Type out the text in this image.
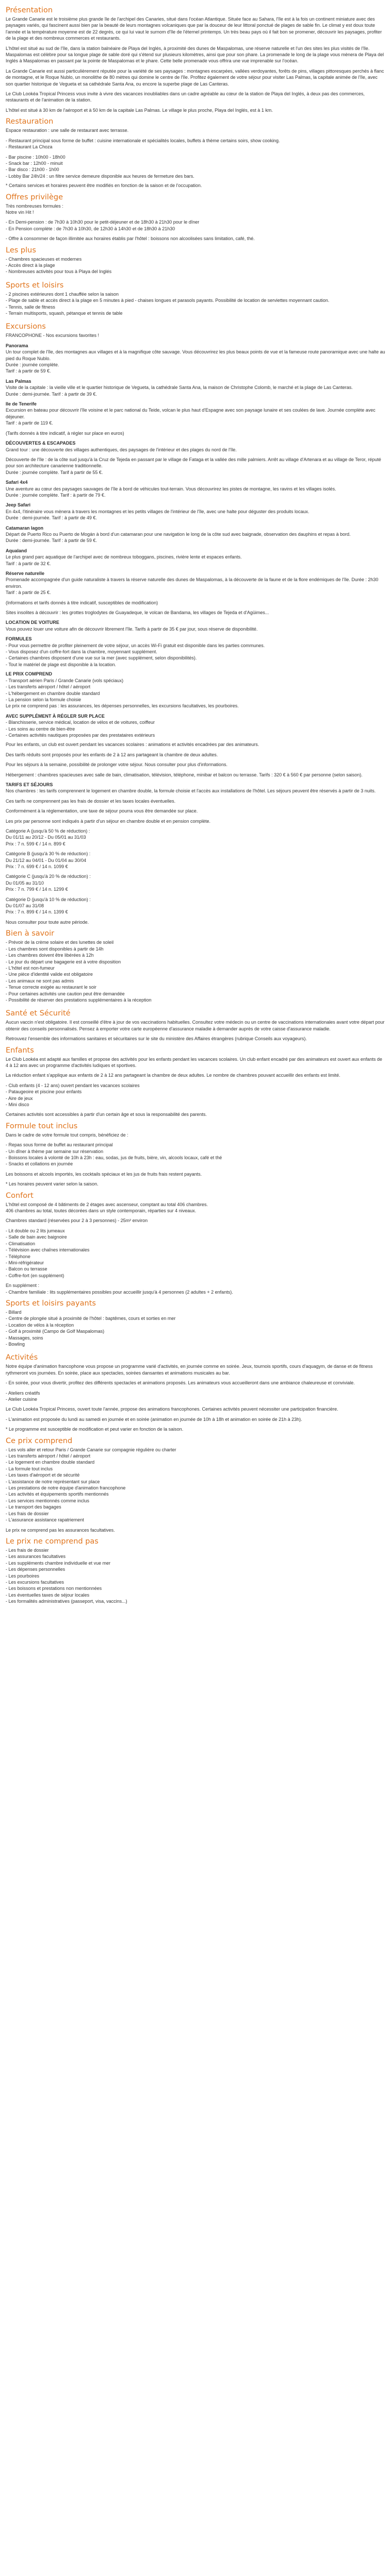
Présentation

Le Grande Canarie est le troisième plus grande île de l'archipel des Canaries, situé dans l'océan Atlantique. Située face au Sahara, l'île est à la fois un continent miniature avec des paysages variés, qui fascinent aussi bien par la beauté de leurs montagnes volcaniques que par la douceur de leur littoral ponctué de plages de sable fin. Le climat y est doux toute l'année et la température moyenne est de 22 degrés, ce qui lui vaut le surnom d'île de l'éternel printemps. Un très beau pays où il fait bon se promener, découvrir les paysages, profiter de la plage et des nombreux commerces et restaurants.

L'hôtel est situé au sud de l'île, dans la station balnéaire de Playa del Inglés, à proximité des dunes de Maspalomas, une réserve naturelle et l'un des sites les plus visités de l'île. Maspalomas est célèbre pour sa longue plage de sable doré qui s'étend sur plusieurs kilomètres, ainsi que pour son phare. La promenade le long de la plage vous mènera de Playa del Inglés à Maspalomas en passant par la pointe de Maspalomas et le phare. Cette belle promenade vous offrira une vue imprenable sur l'océan.

La Grande Canarie est aussi particulièrement réputée pour la variété de ses paysages : montagnes escarpées, vallées verdoyantes, forêts de pins, villages pittoresques perchés à flanc de montagne, et le Roque Nublo, un monolithe de 80 mètres qui domine le centre de l'île. Profitez également de votre séjour pour visiter Las Palmas, la capitale animée de l'île, avec son quartier historique de Vegueta et sa cathédrale Santa Ana, ou encore la superbe plage de Las Canteras.

Le Club Lookéa Tropical Princess vous invite à vivre des vacances inoubliables dans un cadre agréable au cœur de la station de Playa del Inglés, à deux pas des commerces, restaurants et de l'animation de la station.

L'hôtel est situé à 30 km de l'aéroport et à 50 km de la capitale Las Palmas. Le village le plus proche, Playa del Inglés, est à 1 km.

Restauration

Espace restauration : une salle de restaurant avec terrasse.

- Restaurant principal sous forme de buffet : cuisine internationale et spécialités locales, buffets à thème certains soirs, show cooking.

- Restaurant La Choza

- Bar piscine : 10h00 - 18h00

- Snack bar : 12h00 - minuit

- Bar disco : 21h00 - 1h00

- Lobby Bar 24h/24 : un filtre service demeure disponible aux heures de fermeture des bars.

* Certains services et horaires peuvent être modifiés en fonction de la saison et de l'occupation.

Offres privilège

Très nombreuses formules :

Notre vin Hit !

- En Demi-pension : de 7h30 à 10h30 pour le petit-déjeuner et de 18h30 à 21h30 pour le dîner

- En Pension complète : de 7h30 à 10h30, de 12h30 à 14h30 et de 18h30 à 21h30

- Offre à consommer de façon illimitée aux horaires établis par l'hôtel : boissons non alcoolisées sans limitation, café, thé.

Les plus

- Chambres spacieuses et modernes

- Accès direct à la plage

- Nombreuses activités pour tous à Playa del Inglés

Sports et loisirs

- 2 piscines extérieures dont 1 chauffée selon la saison

- Plage de sable et accès direct à la plage en 5 minutes à pied - chaises longues et parasols payants. Possibilité de location de serviettes moyennant caution.

- Tennis, salle de fitness

- Terrain multisports, squash, pétanque et tennis de table

Excursions

FRANCOPHONE - Nos excursions favorites !

Panorama

Un tour complet de l'île, des montagnes aux villages et à la magnifique côte sauvage. Vous découvrirez les plus beaux points de vue et la fameuse route panoramique avec une halte au pied du Roque Nublo.

Durée : journée complète.

Tarif : à partir de 59 €.

Las Palmas

Visite de la capitale : la vieille ville et le quartier historique de Vegueta, la cathédrale Santa Ana, la maison de Christophe Colomb, le marché et la plage de Las Canteras.

Durée : demi-journée. Tarif : à partir de 39 €.

Ile de Tenerife

Excursion en bateau pour découvrir l'île voisine et le parc national du Teide, volcan le plus haut d'Espagne avec son paysage lunaire et ses coulées de lave. Journée complète avec déjeuner.

Tarif : à partir de 119 €.

(Tarifs donnés à titre indicatif, à régler sur place en euros)

DÉCOUVERTES & ESCAPADES

Grand tour : une découverte des villages authentiques, des paysages de l'intérieur et des plages du nord de l'île.

Découverte de l'île : de la côte sud jusqu'à la Cruz de Tejeda en passant par le village de Fataga et la vallée des mille palmiers. Arrêt au village d'Artenara et au village de Teror, réputé pour son architecture canarienne traditionnelle.

Durée : journée complète. Tarif à partir de 55 €.

Safari 4x4

Une aventure au cœur des paysages sauvages de l'île à bord de véhicules tout-terrain. Vous découvrirez les pistes de montagne, les ravins et les villages isolés.

Durée : journée complète. Tarif : à partir de 79 €.

Jeep Safari

En 4x4, l'itinéraire vous mènera à travers les montagnes et les petits villages de l'intérieur de l'île, avec une halte pour déguster des produits locaux.

Durée : demi-journée. Tarif : à partir de 49 €.

Catamaran lagon

Départ de Puerto Rico ou Puerto de Mogán à bord d'un catamaran pour une navigation le long de la côte sud avec baignade, observation des dauphins et repas à bord.

Durée : demi-journée. Tarif : à partir de 59 €.

Aqualand

Le plus grand parc aquatique de l'archipel avec de nombreux toboggans, piscines, rivière lente et espaces enfants.

Tarif : à partir de 32 €.

Réserve naturelle

Promenade accompagnée d'un guide naturaliste à travers la réserve naturelle des dunes de Maspalomas, à la découverte de la faune et de la flore endémiques de l'île. Durée : 2h30 environ.

Tarif : à partir de 25 €.

(Informations et tarifs donnés à titre indicatif, susceptibles de modification)

Sites insolites à découvrir : les grottes troglodytes de Guayadeque, le volcan de Bandama, les villages de Tejeda et d'Agüimes...

LOCATION DE VOITURE

Vous pouvez louer une voiture afin de découvrir librement l'île. Tarifs à partir de 35 € par jour, sous réserve de disponibilité.

FORMULES

- Pour vous permettre de profiter pleinement de votre séjour, un accès Wi-Fi gratuit est disponible dans les parties communes.

- Vous disposez d'un coffre-fort dans la chambre, moyennant supplément.

- Certaines chambres disposent d'une vue sur la mer (avec supplément, selon disponibilités).

- Tout le matériel de plage est disponible à la location.

LE PRIX COMPREND

- Transport aérien Paris / Grande Canarie (vols spéciaux)

- Les transferts aéroport / hôtel / aéroport

- L'hébergement en chambre double standard

- La pension selon la formule choisie

Le prix ne comprend pas : les assurances, les dépenses personnelles, les excursions facultatives, les pourboires.

AVEC SUPPLÉMENT À RÉGLER SUR PLACE

- Blanchisserie, service médical, location de vélos et de voitures, coiffeur

- Les soins au centre de bien-être

- Certaines activités nautiques proposées par des prestataires extérieurs

Pour les enfants, un club est ouvert pendant les vacances scolaires : animations et activités encadrées par des animateurs.

Des tarifs réduits sont proposés pour les enfants de 2 à 12 ans partageant la chambre de deux adultes.

Pour les séjours à la semaine, possibilité de prolonger votre séjour. Nous consulter pour plus d'informations.

Hébergement : chambres spacieuses avec salle de bain, climatisation, télévision, téléphone, minibar et balcon ou terrasse. Tarifs : 320 € à 560 € par personne (selon saison).

TARIFS ET SÉJOURS

Nos chambres : les tarifs comprennent le logement en chambre double, la formule choisie et l'accès aux installations de l'hôtel. Les séjours peuvent être réservés à partir de 3 nuits.

Ces tarifs ne comprennent pas les frais de dossier et les taxes locales éventuelles.

Conformément à la réglementation, une taxe de séjour pourra vous être demandée sur place.

Les prix par personne sont indiqués à partir d'un séjour en chambre double et en pension complète.

Catégorie A (jusqu'à 50 % de réduction) :

Du 01/11 au 20/12 - Du 05/01 au 31/03

Prix : 7 n. 599 € / 14 n. 899 €

Catégorie B (jusqu'à 30 % de réduction) :

Du 21/12 au 04/01 - Du 01/04 au 30/04

Prix : 7 n. 699 € / 14 n. 1099 €

Catégorie C (jusqu'à 20 % de réduction) :

Du 01/05 au 31/10

Prix : 7 n. 799 € / 14 n. 1299 €

Catégorie D (jusqu'à 10 % de réduction) :

Du 01/07 au 31/08

Prix : 7 n. 899 € / 14 n. 1399 €

Nous consulter pour toute autre période.

Bien à savoir

- Prévoir de la crème solaire et des lunettes de soleil

- Les chambres sont disponibles à partir de 14h

- Les chambres doivent être libérées à 12h

- Le jour du départ une bagagerie est à votre disposition

- L'hôtel est non-fumeur

- Une pièce d'identité valide est obligatoire

- Les animaux ne sont pas admis

- Tenue correcte exigée au restaurant le soir

- Pour certaines activités une caution peut être demandée

- Possibilité de réserver des prestations supplémentaires à la réception

Santé et Sécurité

Aucun vaccin n'est obligatoire. Il est conseillé d'être à jour de vos vaccinations habituelles. Consultez votre médecin ou un centre de vaccinations internationales avant votre départ pour obtenir des conseils personnalisés. Pensez à emporter votre carte européenne d'assurance maladie à demander auprès de votre caisse d'assurance maladie.

Retrouvez l'ensemble des informations sanitaires et sécuritaires sur le site du ministère des Affaires étrangères (rubrique Conseils aux voyageurs).

Enfants

Le Club Lookéa est adapté aux familles et propose des activités pour les enfants pendant les vacances scolaires. Un club enfant encadré par des animateurs est ouvert aux enfants de 4 à 12 ans avec un programme d'activités ludiques et sportives.

La réduction enfant s'applique aux enfants de 2 à 12 ans partageant la chambre de deux adultes. Le nombre de chambres pouvant accueillir des enfants est limité.

- Club enfants (4 - 12 ans) ouvert pendant les vacances scolaires

- Pataugeoire et piscine pour enfants

- Aire de jeux

- Mini disco

Certaines activités sont accessibles à partir d'un certain âge et sous la responsabilité des parents.

Formule tout inclus

Dans le cadre de votre formule tout compris, bénéficiez de :

- Repas sous forme de buffet au restaurant principal

- Un dîner à thème par semaine sur réservation

- Boissons locales à volonté de 10h à 23h : eau, sodas, jus de fruits, bière, vin, alcools locaux, café et thé

- Snacks et collations en journée

Les boissons et alcools importés, les cocktails spéciaux et les jus de fruits frais restent payants.

* Les horaires peuvent varier selon la saison.

Confort

L'hôtel est composé de 4 bâtiments de 2 étages avec ascenseur, comptant au total 406 chambres.

406 chambres au total, toutes décorées dans un style contemporain, réparties sur 4 niveaux.

Chambres standard (réservées pour 2 à 3 personnes) - 25m² environ

- Lit double ou 2 lits jumeaux

- Salle de bain avec baignoire

- Climatisation

- Télévision avec chaînes internationales

- Téléphone

- Mini-réfrigérateur

- Balcon ou terrasse

- Coffre-fort (en supplément)

En supplément :

- Chambre familiale : lits supplémentaires possibles pour accueillir jusqu'à 4 personnes (2 adultes + 2 enfants).

Sports et loisirs payants

- Billard

- Centre de plongée situé à proximité de l'hôtel : baptêmes, cours et sorties en mer

- Location de vélos à la réception

- Golf à proximité (Campo de Golf Maspalomas)

- Massages, soins

- Bowling

Activités

Notre équipe d'animation francophone vous propose un programme varié d'activités, en journée comme en soirée. Jeux, tournois sportifs, cours d'aquagym, de danse et de fitness rythmeront vos journées. En soirée, place aux spectacles, soirées dansantes et animations musicales au bar.

- En soirée, pour vous divertir, profitez des différents spectacles et animations proposés. Les animateurs vous accueilleront dans une ambiance chaleureuse et conviviale.

- Ateliers créatifs

- Atelier cuisine

Le Club Lookéa Tropical Princess, ouvert toute l'année, propose des animations francophones. Certaines activités peuvent nécessiter une participation financière.

- L'animation est proposée du lundi au samedi en journée et en soirée (animation en journée de 10h à 18h et animation en soirée de 21h à 23h).

* Le programme est susceptible de modification et peut varier en fonction de la saison.

Ce prix comprend

- Les vols aller et retour Paris / Grande Canarie sur compagnie régulière ou charter

- Les transferts aéroport / hôtel / aéroport

- Le logement en chambre double standard

- La formule tout inclus

- Les taxes d'aéroport et de sécurité

- L'assistance de notre représentant sur place

- Les prestations de notre équipe d'animation francophone

- Les activités et équipements sportifs mentionnés

- Les services mentionnés comme inclus

- Le transport des bagages

- Les frais de dossier

- L'assurance assistance rapatriement

Le prix ne comprend pas les assurances facultatives.

Le prix ne comprend pas

- Les frais de dossier

- Les assurances facultatives

- Les suppléments chambre individuelle et vue mer

- Les dépenses personnelles

- Les pourboires

- Les excursions facultatives

- Les boissons et prestations non mentionnées

- Les éventuelles taxes de séjour locales

- Les formalités administratives (passeport, visa, vaccins...)
